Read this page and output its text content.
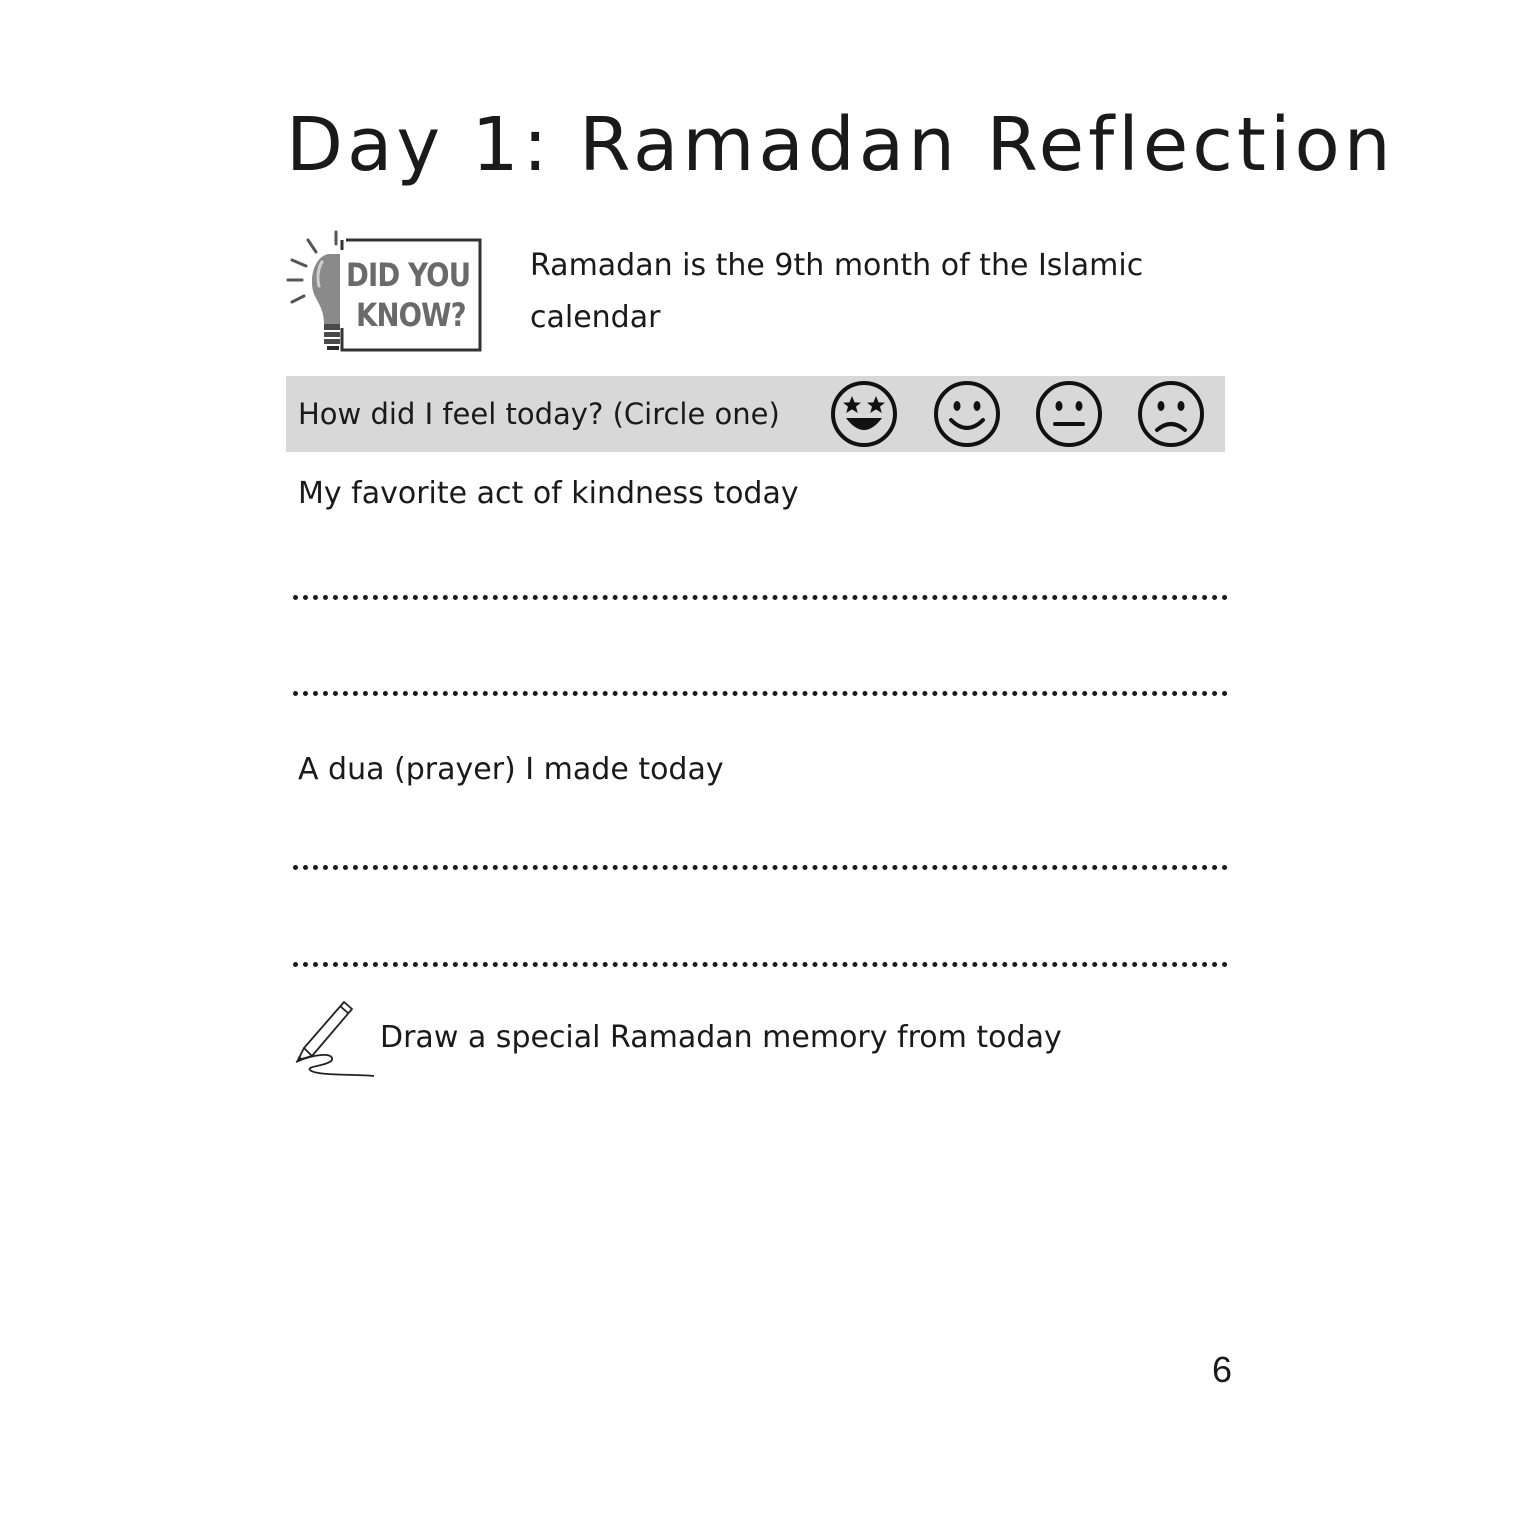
Day 1: Ramadan Reflection
DID YOU
KNOW?
Ramadan is the 9th month of the Islamic calendar
How did I feel today? (Circle one)
My favorite act of kindness today
A dua (prayer) I made today
Draw a special Ramadan memory from today
6
